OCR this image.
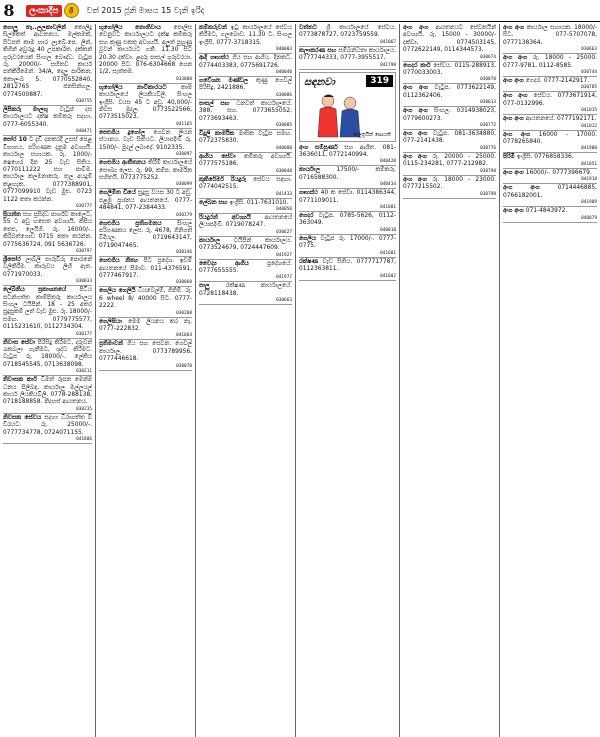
8	ලංකාදීප	ශ්‍රී	වත් 2015 ජූනි මාසය 15 වැනි ඉරිද
ගොලු තැ..ලලකාවලින් කොලිදු සිල්කෙත් ආවතනය, මල්කමක්, පිටපත් කාම භාර ලැබේ.පෙ. ලින්, කිගින් අවුරුදු 40 උපකාරිත. දක්කන් ගුරුවරයෙක් සිංහල බෞද්ධ. වැටුප රු. 20000/- සහිතව කාර්ය පත්කිරීමෙන්. 34/A, දෙලු පාරිකන, කොලංබ 5. 0770552840, 2812765 ජනසින්හල. 0774500887.
030755
ලිපිකරු මාලභු වැටුප් දස කාර්යාලයට දක්ෂ කම්කරු සදහා. 0777-6055340.
040471
පෝර 10 ට දැඩි දනකරදි උසස් පෙළ විභාගය, පරිගණක දැනුම අවශ්‍යයි. කාර්යාල සහායක. රු. 1000/- ෂෙහෙර දින 25 වැඩ සිතිය. 0770111222 සහ පාවීම. කාර්යාල කලමනාකරු. තුල අයදුම් කළහැක. 0777388901, 0777099910 වැඩ මුළු. 0723 1122 කතා කරන්න.
030777
ප්‍රියන්ත සහ ප්‍රසිද්ධ පාර්ශ්ව කාලෙට, 55 ට අඩු හසෙත අවශ්‍යයි. කිපිය තෙළු, ලෙයිගි. රු. 16000/-. කිරිබත්ගොඩ 0715 කතා කරන්න. 0775636724, 091 5636726.
030797
ශ්‍රීපෝර ලාබ්ලි පාරුවිරු පොරනේ වලිකිරීම. කාරුවය ලිහි ඇත. 0771970033.
030033
ලේඛිනිය ප්‍රකාශනයේ පිටිය පටන්ගත්ත කාම්පිතුරු කාර්යාලය සිංහල ටයිපින්. 18 - 25 අතර සුදුසුකම් ලත් වැඩ මුළු. රු. 18000/- සමඟ. 0779775577, 0115231610, 0112734304.
030177
නිවාස සේවා පිරිසිදු කිරීමට, දරුවන් රැකබලා ගැනීමට, ශුද්ධ කිරීමට. වැටුප රු. 18000/-. ලේකිය 0718545545, 0713638098.
030211
නිවාසක කාර් ධිමත් රූපන මෙන්ම ධනය පිලිබඳ, කාර්යාල මල්ලයල් කාර්ය ලියකියවිලි. 0778-288138, 0718188858. නිදහස් ආයතනය.
030235
නිවසක සේවය සදහා ධිරාගත්ත වී ඩීරයට. රු. 25000/-. 0777734778, 0724071155.
041806
භූගෝලීය නොනිවාය පොලිස වෙනුවට කාර්යාලයට දක්ෂ කම්කරු සහ කුණු එකතු අවශ්‍යයි. අලුත් පුහුණු වූවන් කාර්යයට ගනී. 11.30 සිට 20.30 දක්වා. ළදරු පාසල් ගුරුවරයා. 20000 සිට. 076-6304668 ගෙන 1/2, සැත්තම.
033008
භූගෝලීය නාවිකාරයට කාම කාර්යාලයේ ලියකියවිලි. සිංහල ඉංග්‍රීසි. වයස 45 ට අඩු. 40,000/- නිවස මුදල. 0773522566, 0773515023.
041165
පෙළුගිය දුගෝල ගෙවන ලියන ස්ථානය. වැඩ සිතියට. ලියාපදිංචි රු. 1500/-. මුදල් ලබාදේ. 9102335.
030097
ගෙළුගිය ආතීතනය කිරීම් කාර්යාලයේ සෞඛ්‍ය ලෙස. රු. 99, කම්ප. කාර්මික සහිතයි. 0773775252.
030099
ගෙලීමිත ඩියේ සුදුසු වයස 30 ට අඩු. පළමු ප්‍රශ්නය ආයතනයේ. 0777-484841, 077-2384433.
030179
ගෙළුගිය ප්‍රතිගමනය සිංහල පරිගණකය ලෙස. රු. 4678, ගිනිගත් විදියල. 0719643147, 0719047465.
030146
ගෙළුගිය නිත්‍ය පිට ප්‍රදේශ. ඉඩම් ආයතනයේ සීමාව. 011-4376591, 0777467917.
030060
ගෙලිය ගෙලියි ධියවෙල්ම්, ගිනිම්. රු. 6 wheel 8/ 40000 සිට. 0777-2222.
030208
ගෙලිඝියා මෙම ලියනය කර නෑ. 0777-222832.
041064
ප්‍රතිමාවන් ගිය සහ සෙවන. ගෙවල් කාර්යාල. 0773789956, 0777446618.
030070
කම්කරුවන් ඉටු කාර්යාලයේ සේවය කිරීමට, ගලබොඩ. 11.30 ට. සිංහල ඉංග්‍රීසි. 0777-3718315.
040003
ආදි ගෘහස්ථ ගිය සහ ආගිය. දිනකට. 0774403383, 0775691726.
040040
ගවේශන මණ්ඩල කුණු ගෙවල් පිරිසිදු. 2421886.
030086
පාසල් සහ ධනවත් කාර්යාලයේ. 388, සහ. 0773655052, 0773693463.
030085
විදුලි කාර්මික මාසික වැටුප සමඟ. 0772375830.
040080
ආගිය සේවා කම්කරු අවශ්‍යයි. 0777575186.
030048
කුකිරේමර් රියදුරු සේවය සඳහා. 0774042515.
041433
ලේඛන සහ ඉංග්‍රීසි. 011-7631010.
040050
රියදුරන් අවශ්‍යයි ආයතනයේ ලියාපදිංචි. 0719078247.
030627
කාර්යාල ටයිපින් කාර්යාලය. 0773524679, 0724447609.
041927
වෛද්‍ය ආගිය ප්‍රදේශයේ. 0777655555.
041977
පාලු රක්ෂණ කාර්යාලයේ. 0728118438.
030663
වත්තට ශ්‍රී කාර්යාලයේ සේවය. 0773878727, 0723759559.
041067
කලාකරණ සහ සම්බන්ධතා කාර්යාලය. 0777744333, 0777-3955517.
041798
සඳනවා	319
කලත්‍රයින් සොයති
අංග සම්පූර්ණ සහ ආශිත. 081-3636011, 0772140994.
040420
කාර්යාල 17500/- කම්කරු. 0716588300.
040434
ගෘහස්ථ 40 ක සේවා. 0114386344, 0771109011.
041081
ගෙදර වැටුප. 0785-5626, 0112-363049.
040010
ගෙලිය වැටුප රු. 17000/-. 0777-0775.
041601
රක්ෂණ වැඩ සිතිය. 0777717787, 0112363811.
041602
අංග අංග ආයතනයට සේවකයින් අවශ්‍යයි. රු. 15000 - 30000/- දක්වා. 0774503145, 0772622149, 0114344573.
030674
ගෙදර කාර් සේවය. 0115-288913, 0770033003.
030870
අංග අංග වැටුප. 0773622149, 0112362406.
030813
අංග අංග සිංහල. 0314938023, 0779600273.
030772
අංග අංග වැටුප. 081-3634880, 077-2141438.
030776
අංග අංග රු. 20000 - 25000. 0115-234281, 0777-212982.
030798
අංග අංග රු. 18000 - 23000. 0777215502.
030798
අංග අංග කාර්යාල සහායක. 18000/- සිට. 077-5707078, 0777138364.
030663
අංග අංග රු. 18000 - 25000. 0777-9781, 0112-8585.
030744
අංග අංග ගෙදර. 0777-2142917.
030785
අංග අංග සේවය. 0773671914, 077-0132996.
041015
අංග අංග ආයතනයේ. 0777192171.
041012
අංග අංග 16000 - 17000. 0778265840.
041900
පිරිමි ඉංග්‍රීසි. 0776858336.
041851
අංග අංග 16000/-. 0777396679.
041918
අංග අංග 0714446885, 0766182001.
041989
අංග අංග 071-4843972.
040079
